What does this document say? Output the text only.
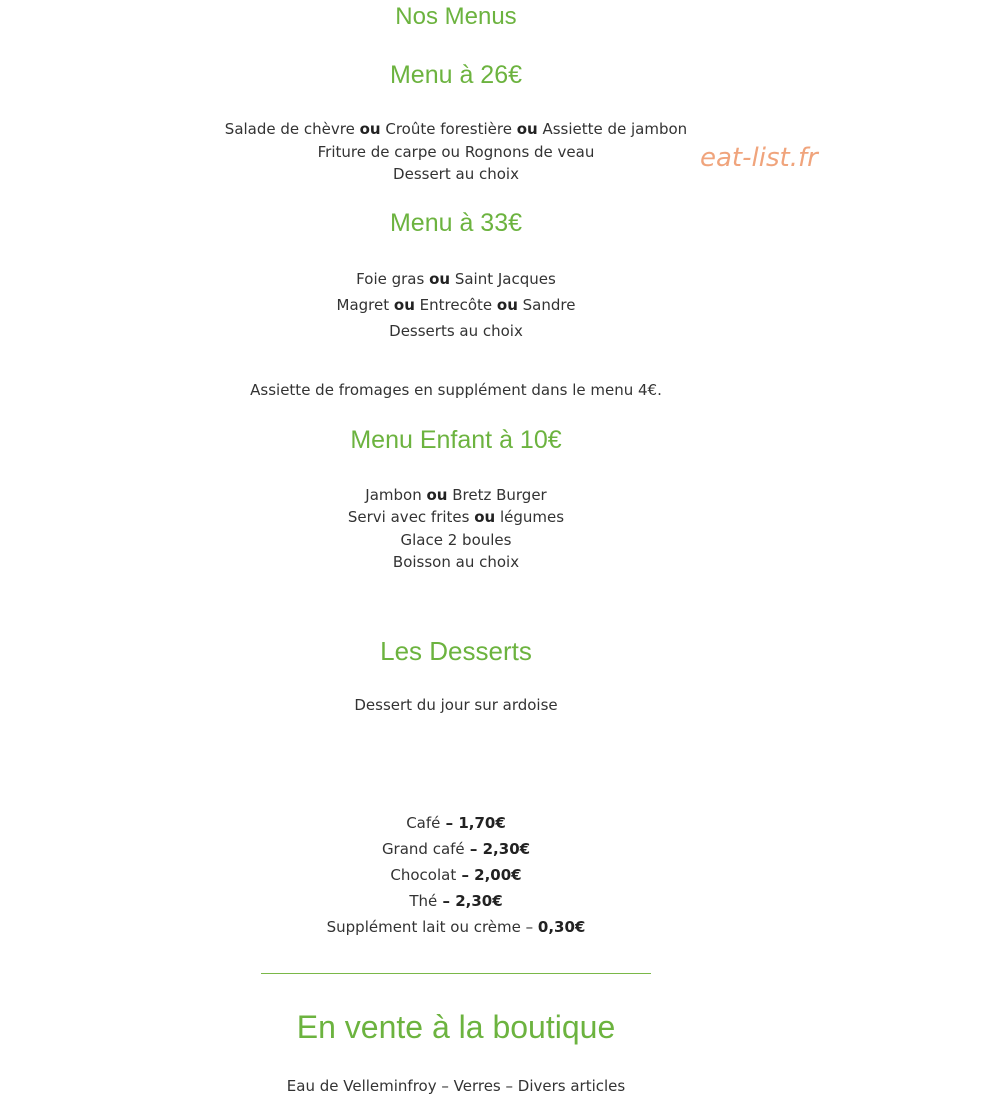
Nos Menus
eat-list.fr
Menu à 26€
Salade de chèvre ou Croûte forestière ou Assiette de jambon
Friture de carpe ou Rognons de veau
Dessert au choix
Menu à 33€
Foie gras ou Saint Jacques
Magret ou Entrecôte ou Sandre
Desserts au choix
Assiette de fromages en supplément dans le menu 4€.
Menu Enfant à 10€
Jambon ou Bretz Burger
Servi avec frites ou légumes
Glace 2 boules
Boisson au choix
Les Desserts
Dessert du jour sur ardoise
Café – 1,70€
Grand café – 2,30€
Chocolat – 2,00€
Thé – 2,30€
Supplément lait ou crème – 0,30€
En vente à la boutique
Eau de Velleminfroy – Verres – Divers articles
